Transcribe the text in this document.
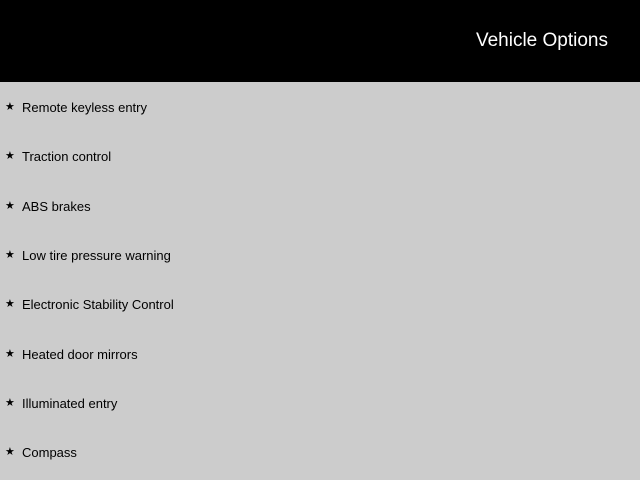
Vehicle Options
★ Remote keyless entry
★ Traction control
★ ABS brakes
★ Low tire pressure warning
★ Electronic Stability Control
★ Heated door mirrors
★ Illuminated entry
★ Compass
